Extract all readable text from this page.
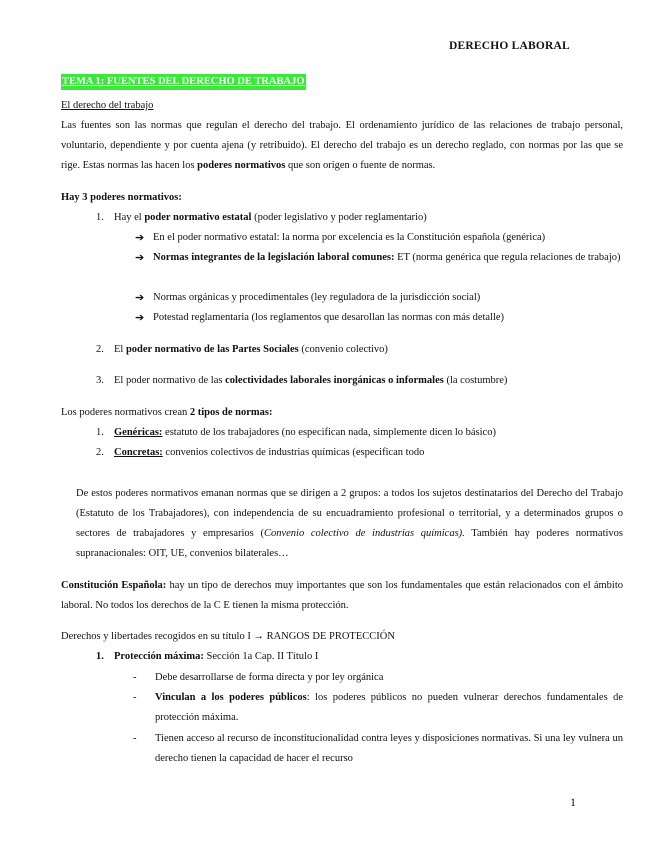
DERECHO LABORAL
TEMA 1: FUENTES DEL DERECHO DE TRABAJO
El derecho del trabajo
Las fuentes son las normas que regulan el derecho del trabajo. El ordenamiento jurídico de las relaciones de trabajo personal, voluntario, dependiente y por cuenta ajena (y retribuido). El derecho del trabajo es un derecho reglado, con normas por las que se rige. Estas normas las hacen los poderes normativos que son origen o fuente de normas.
Hay 3 poderes normativos:
1. Hay el poder normativo estatal (poder legislativo y poder reglamentario)
➔ En el poder normativo estatal: la norma por excelencia es la Constitución española (genérica)
➔ Normas integrantes de la legislación laboral comunes: ET (norma genérica que regula relaciones de trabajo)
➔ Normas orgánicas y procedimentales (ley reguladora de la jurisdicción social)
➔ Potestad reglamentaria (los reglamentos que desarollan las normas con más detalle)
2. El poder normativo de las Partes Sociales (convenio colectivo)
3. El poder normativo de las colectividades laborales inorgánicas o informales (la costumbre)
Los poderes normativos crean 2 tipos de normas:
1. Genéricas: estatuto de los trabajadores (no especifican nada, simplemente dicen lo básico)
2. Concretas: convenios colectivos de industrias químicas (especifican todo
De estos poderes normativos emanan normas que se dirigen a 2 grupos: a todos los sujetos destinatarios del Derecho del Trabajo (Estatuto de los Trabajadores), con independencia de su encuadramiento profesional o territorial, y a determinados grupos o sectores de trabajadores y empresarios (Convenio colectivo de industrias químicas). También hay poderes normativos supranacionales: OIT, UE, convenios bilaterales…
Constitución Española: hay un tipo de derechos muy importantes que son los fundamentales que están relacionados con el ámbito laboral. No todos los derechos de la C E tienen la misma protección.
Derechos y libertades recogidos en su título I → RANGOS DE PROTECCIÓN
1. Protección máxima: Sección 1a Cap. II Título I
-	Debe desarrollarse de forma directa y por ley orgánica
-	Vinculan a los poderes públicos: los poderes públicos no pueden vulnerar derechos fundamentales de protección máxima.
-	Tienen acceso al recurso de inconstitucionalidad contra leyes y disposiciones normativas. Si una ley vulnera un derecho tienen la capacidad de hacer el recurso
1
